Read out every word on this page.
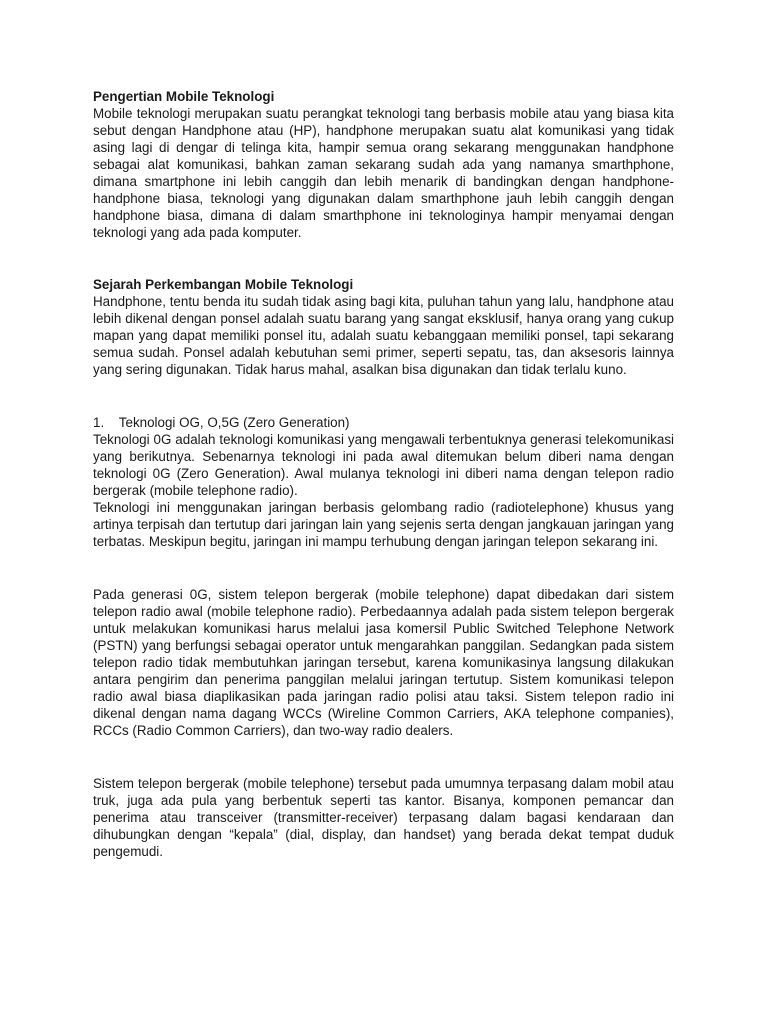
Pengertian Mobile Teknologi

Mobile teknologi merupakan suatu perangkat teknologi tang berbasis mobile atau yang biasa kita sebut dengan Handphone atau (HP), handphone merupakan suatu alat komunikasi yang tidak asing lagi di dengar di telinga kita, hampir semua orang sekarang menggunakan handphone sebagai alat komunikasi, bahkan zaman sekarang sudah ada yang namanya smarthphone, dimana smartphone ini lebih canggih dan lebih menarik di bandingkan dengan handphone-handphone biasa, teknologi yang digunakan dalam smarthphone jauh lebih canggih dengan handphone biasa, dimana di dalam smarthphone ini teknologinya hampir menyamai dengan teknologi yang ada pada komputer.

Sejarah Perkembangan Mobile Teknologi

Handphone, tentu benda itu sudah tidak asing bagi kita, puluhan tahun yang lalu, handphone atau lebih dikenal dengan ponsel adalah suatu barang yang sangat eksklusif, hanya orang yang cukup mapan yang dapat memiliki ponsel itu, adalah suatu kebanggaan memiliki ponsel, tapi sekarang semua sudah. Ponsel adalah kebutuhan semi primer, seperti sepatu, tas, dan aksesoris lainnya yang sering digunakan. Tidak harus mahal, asalkan bisa digunakan dan tidak terlalu kuno.

1.    Teknologi OG, O,5G (Zero Generation)

Teknologi 0G adalah teknologi komunikasi yang mengawali terbentuknya generasi telekomunikasi yang berikutnya. Sebenarnya teknologi ini pada awal ditemukan belum diberi nama dengan teknologi 0G (Zero Generation). Awal mulanya teknologi ini diberi nama dengan telepon radio bergerak (mobile telephone radio).

Teknologi ini menggunakan jaringan berbasis gelombang radio (radiotelephone) khusus yang artinya terpisah dan tertutup dari jaringan lain yang sejenis serta dengan jangkauan jaringan yang terbatas. Meskipun begitu, jaringan ini mampu terhubung dengan jaringan telepon sekarang ini.

Pada generasi 0G, sistem telepon bergerak (mobile telephone) dapat dibedakan dari sistem telepon radio awal (mobile telephone radio). Perbedaannya adalah pada sistem telepon bergerak untuk melakukan komunikasi harus melalui jasa komersil Public Switched Telephone Network (PSTN) yang berfungsi sebagai operator untuk mengarahkan panggilan. Sedangkan pada sistem telepon radio tidak membutuhkan jaringan tersebut, karena komunikasinya langsung dilakukan antara pengirim dan penerima panggilan melalui jaringan tertutup. Sistem komunikasi telepon radio awal biasa diaplikasikan pada jaringan radio polisi atau taksi. Sistem telepon radio ini dikenal dengan nama dagang WCCs (Wireline Common Carriers, AKA telephone companies), RCCs (Radio Common Carriers), dan two-way radio dealers.

Sistem telepon bergerak (mobile telephone) tersebut pada umumnya terpasang dalam mobil atau truk, juga ada pula yang berbentuk seperti tas kantor. Bisanya, komponen pemancar dan penerima atau transceiver (transmitter-receiver) terpasang dalam bagasi kendaraan dan dihubungkan dengan “kepala” (dial, display, dan handset) yang berada dekat tempat duduk pengemudi.
